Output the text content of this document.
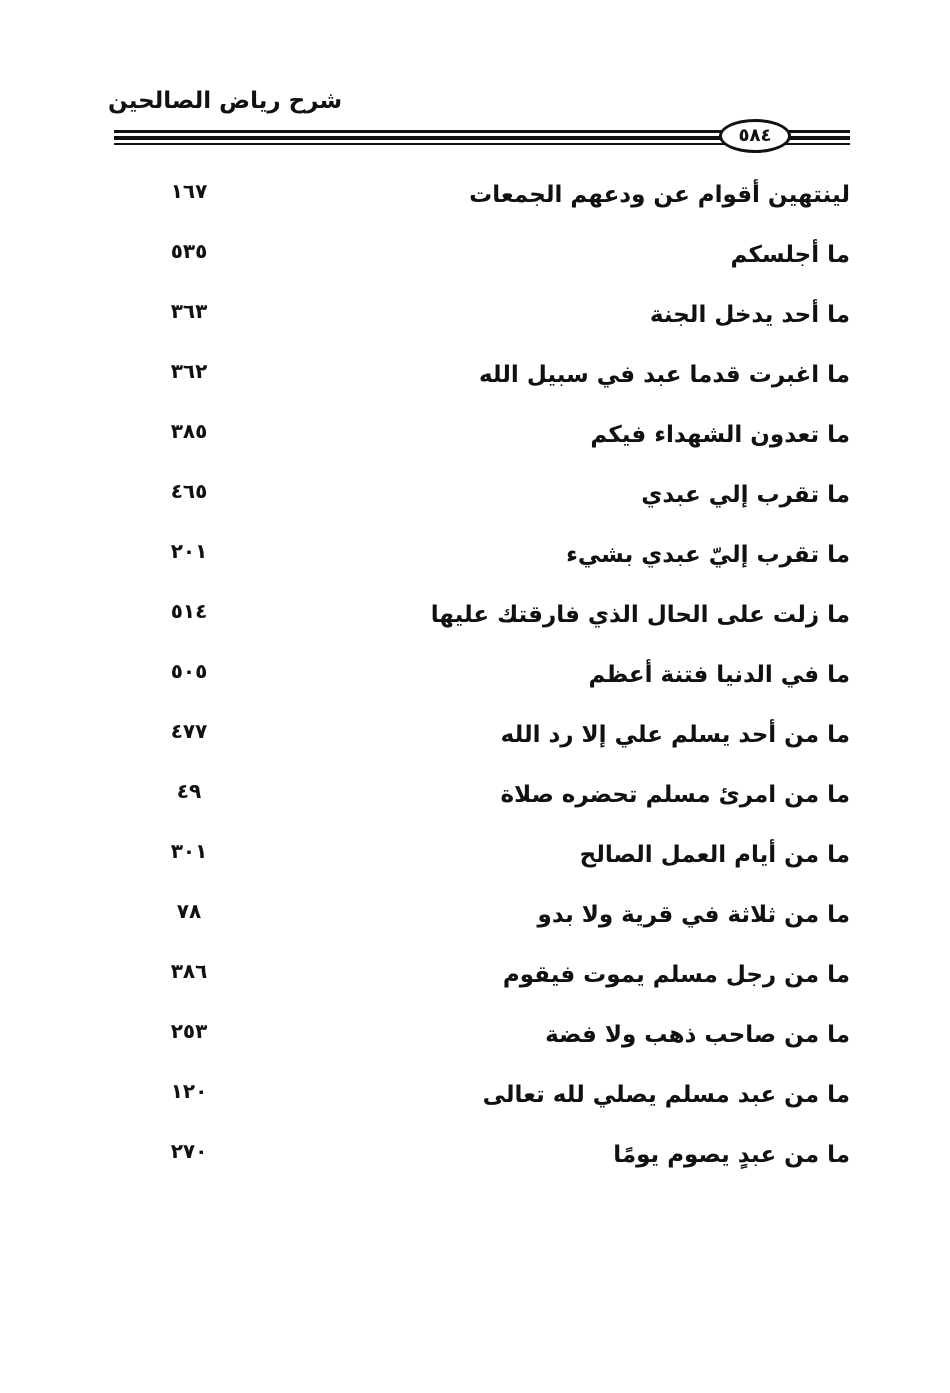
شرح رياض الصالحين
٥٨٤
لينتهين أقوام عن ودعهم الجمعات
١٦٧
ما أجلسكم
٥٣٥
ما أحد يدخل الجنة
٣٦٣
ما اغبرت قدما عبد في سبيل الله
٣٦٢
ما تعدون الشهداء فيكم
٣٨٥
ما تقرب إلي عبدي
٤٦٥
ما تقرب إليّ عبدي بشيء
٢٠١
ما زلت على الحال الذي فارقتك عليها
٥١٤
ما في الدنيا فتنة أعظم
٥٠٥
ما من أحد يسلم علي إلا رد الله
٤٧٧
ما من امرئ مسلم تحضره صلاة
٤٩
ما من أيام العمل الصالح
٣٠١
ما من ثلاثة في قرية ولا بدو
٧٨
ما من رجل مسلم يموت فيقوم
٣٨٦
ما من صاحب ذهب ولا فضة
٢٥٣
ما من عبد مسلم يصلي لله تعالى
١٢٠
ما من عبدٍ يصوم يومًا
٢٧٠
